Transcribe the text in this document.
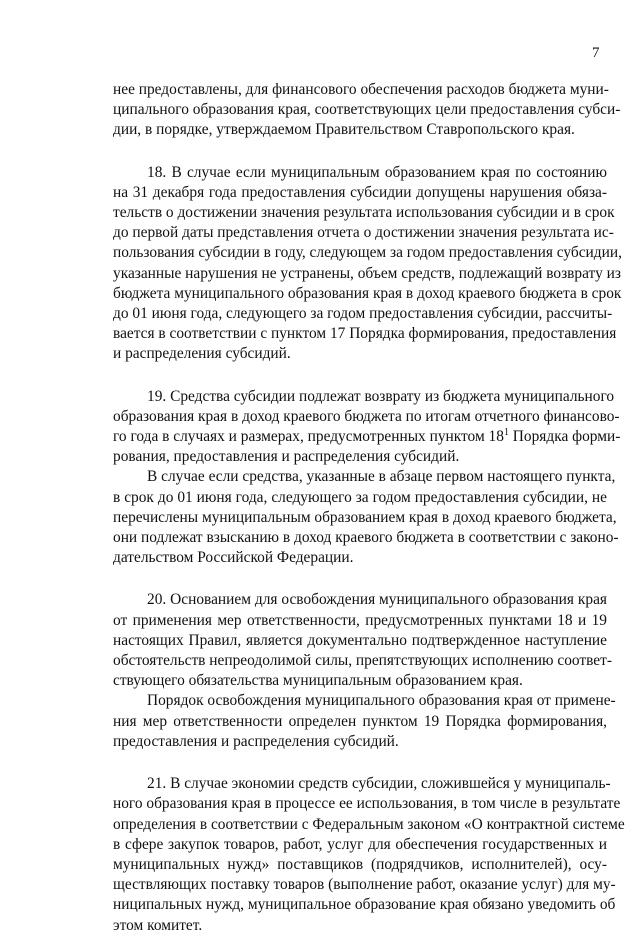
7
нее предоставлены, для финансового обеспечения расходов бюджета муни-
ципального образования края, соответствующих цели предоставления субси-
дии, в порядке, утверждаемом Правительством Ставропольского края.
18. В случае если муниципальным образованием края по состоянию
на 31 декабря года предоставления субсидии допущены нарушения обяза-
тельств о достижении значения результата использования субсидии и в срок
до первой даты представления отчета о достижении значения результата ис-
пользования субсидии в году, следующем за годом предоставления субсидии,
указанные нарушения не устранены, объем средств, подлежащий возврату из
бюджета муниципального образования края в доход краевого бюджета в срок
до 01 июня года, следующего за годом предоставления субсидии, рассчиты-
вается в соответствии с пунктом 17 Порядка формирования, предоставления
и распределения субсидий.
19. Средства субсидии подлежат возврату из бюджета муниципального
образования края в доход краевого бюджета по итогам отчетного финансово-
го года в случаях и размерах, предусмотренных пунктом $18^1$ Порядка форми-
рования, предоставления и распределения субсидий.
В случае если средства, указанные в абзаце первом настоящего пункта,
в срок до 01 июня года, следующего за годом предоставления субсидии, не
перечислены муниципальным образованием края в доход краевого бюджета,
они подлежат взысканию в доход краевого бюджета в соответствии с законо-
дательством Российской Федерации.
20. Основанием для освобождения муниципального образования края
от применения мер ответственности, предусмотренных пунктами 18 и 19
настоящих Правил, является документально подтвержденное наступление
обстоятельств непреодолимой силы, препятствующих исполнению соответ-
ствующего обязательства муниципальным образованием края.
Порядок освобождения муниципального образования края от примене-
ния мер ответственности определен пунктом 19 Порядка формирования,
предоставления и распределения субсидий.
21. В случае экономии средств субсидии, сложившейся у муниципаль-
ного образования края в процессе ее использования, в том числе в результате
определения в соответствии с Федеральным законом «О контрактной системе
в сфере закупок товаров, работ, услуг для обеспечения государственных и
муниципальных нужд» поставщиков (подрядчиков, исполнителей), осу-
ществляющих поставку товаров (выполнение работ, оказание услуг) для му-
ниципальных нужд, муниципальное образование края обязано уведомить об
этом комитет.
